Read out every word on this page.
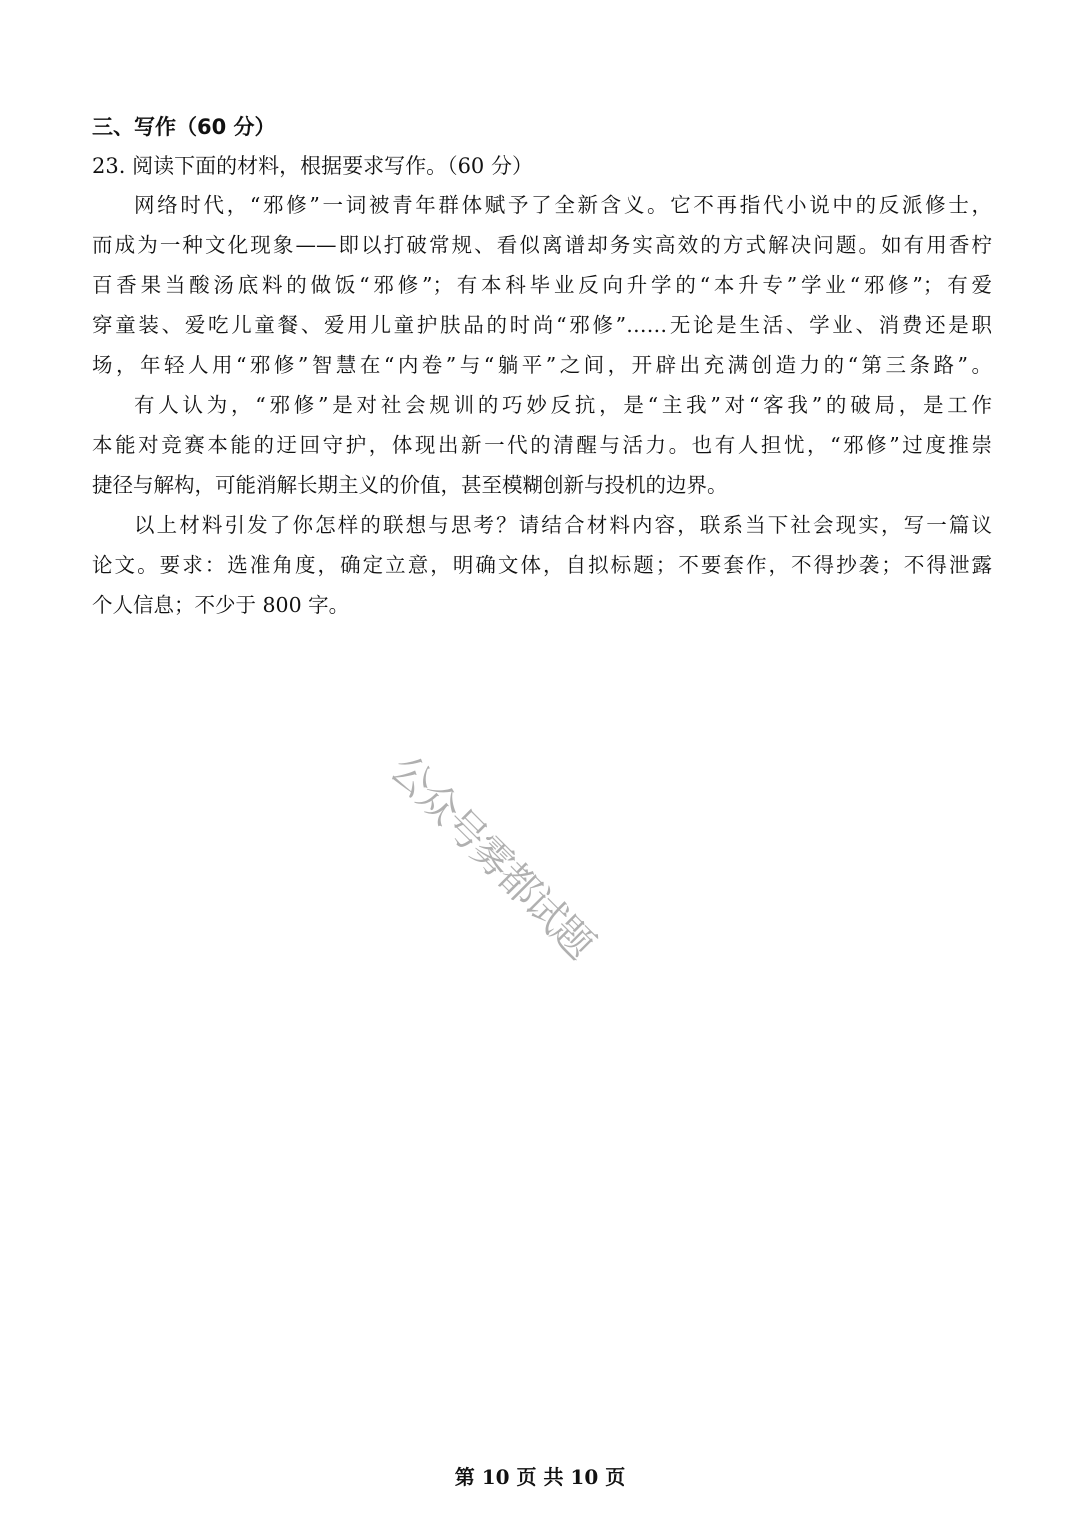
三、写作（60 分）
23. 阅读下面的材料，根据要求写作。（60 分）
网络时代，“邪修”一词被青年群体赋予了全新含义。它不再指代小说中的反派修士，
而成为一种文化现象——即以打破常规、看似离谱却务实高效的方式解决问题。如有用香柠
百香果当酸汤底料的做饭“邪修”；有本科毕业反向升学的“本升专”学业“邪修”；有爱
穿童装、爱吃儿童餐、爱用儿童护肤品的时尚“邪修”……无论是生活、学业、消费还是职
场，年轻人用“邪修”智慧在“内卷”与“躺平”之间，开辟出充满创造力的“第三条路”。
有人认为，“邪修”是对社会规训的巧妙反抗，是“主我”对“客我”的破局，是工作
本能对竞赛本能的迂回守护，体现出新一代的清醒与活力。也有人担忧，“邪修”过度推崇
捷径与解构，可能消解长期主义的价值，甚至模糊创新与投机的边界。
以上材料引发了你怎样的联想与思考？请结合材料内容，联系当下社会现实，写一篇议
论文。要求：选准角度，确定立意，明确文体，自拟标题；不要套作，不得抄袭；不得泄露
个人信息；不少于 800 字。
公众号雾都试题
第 10 页 共 10 页
